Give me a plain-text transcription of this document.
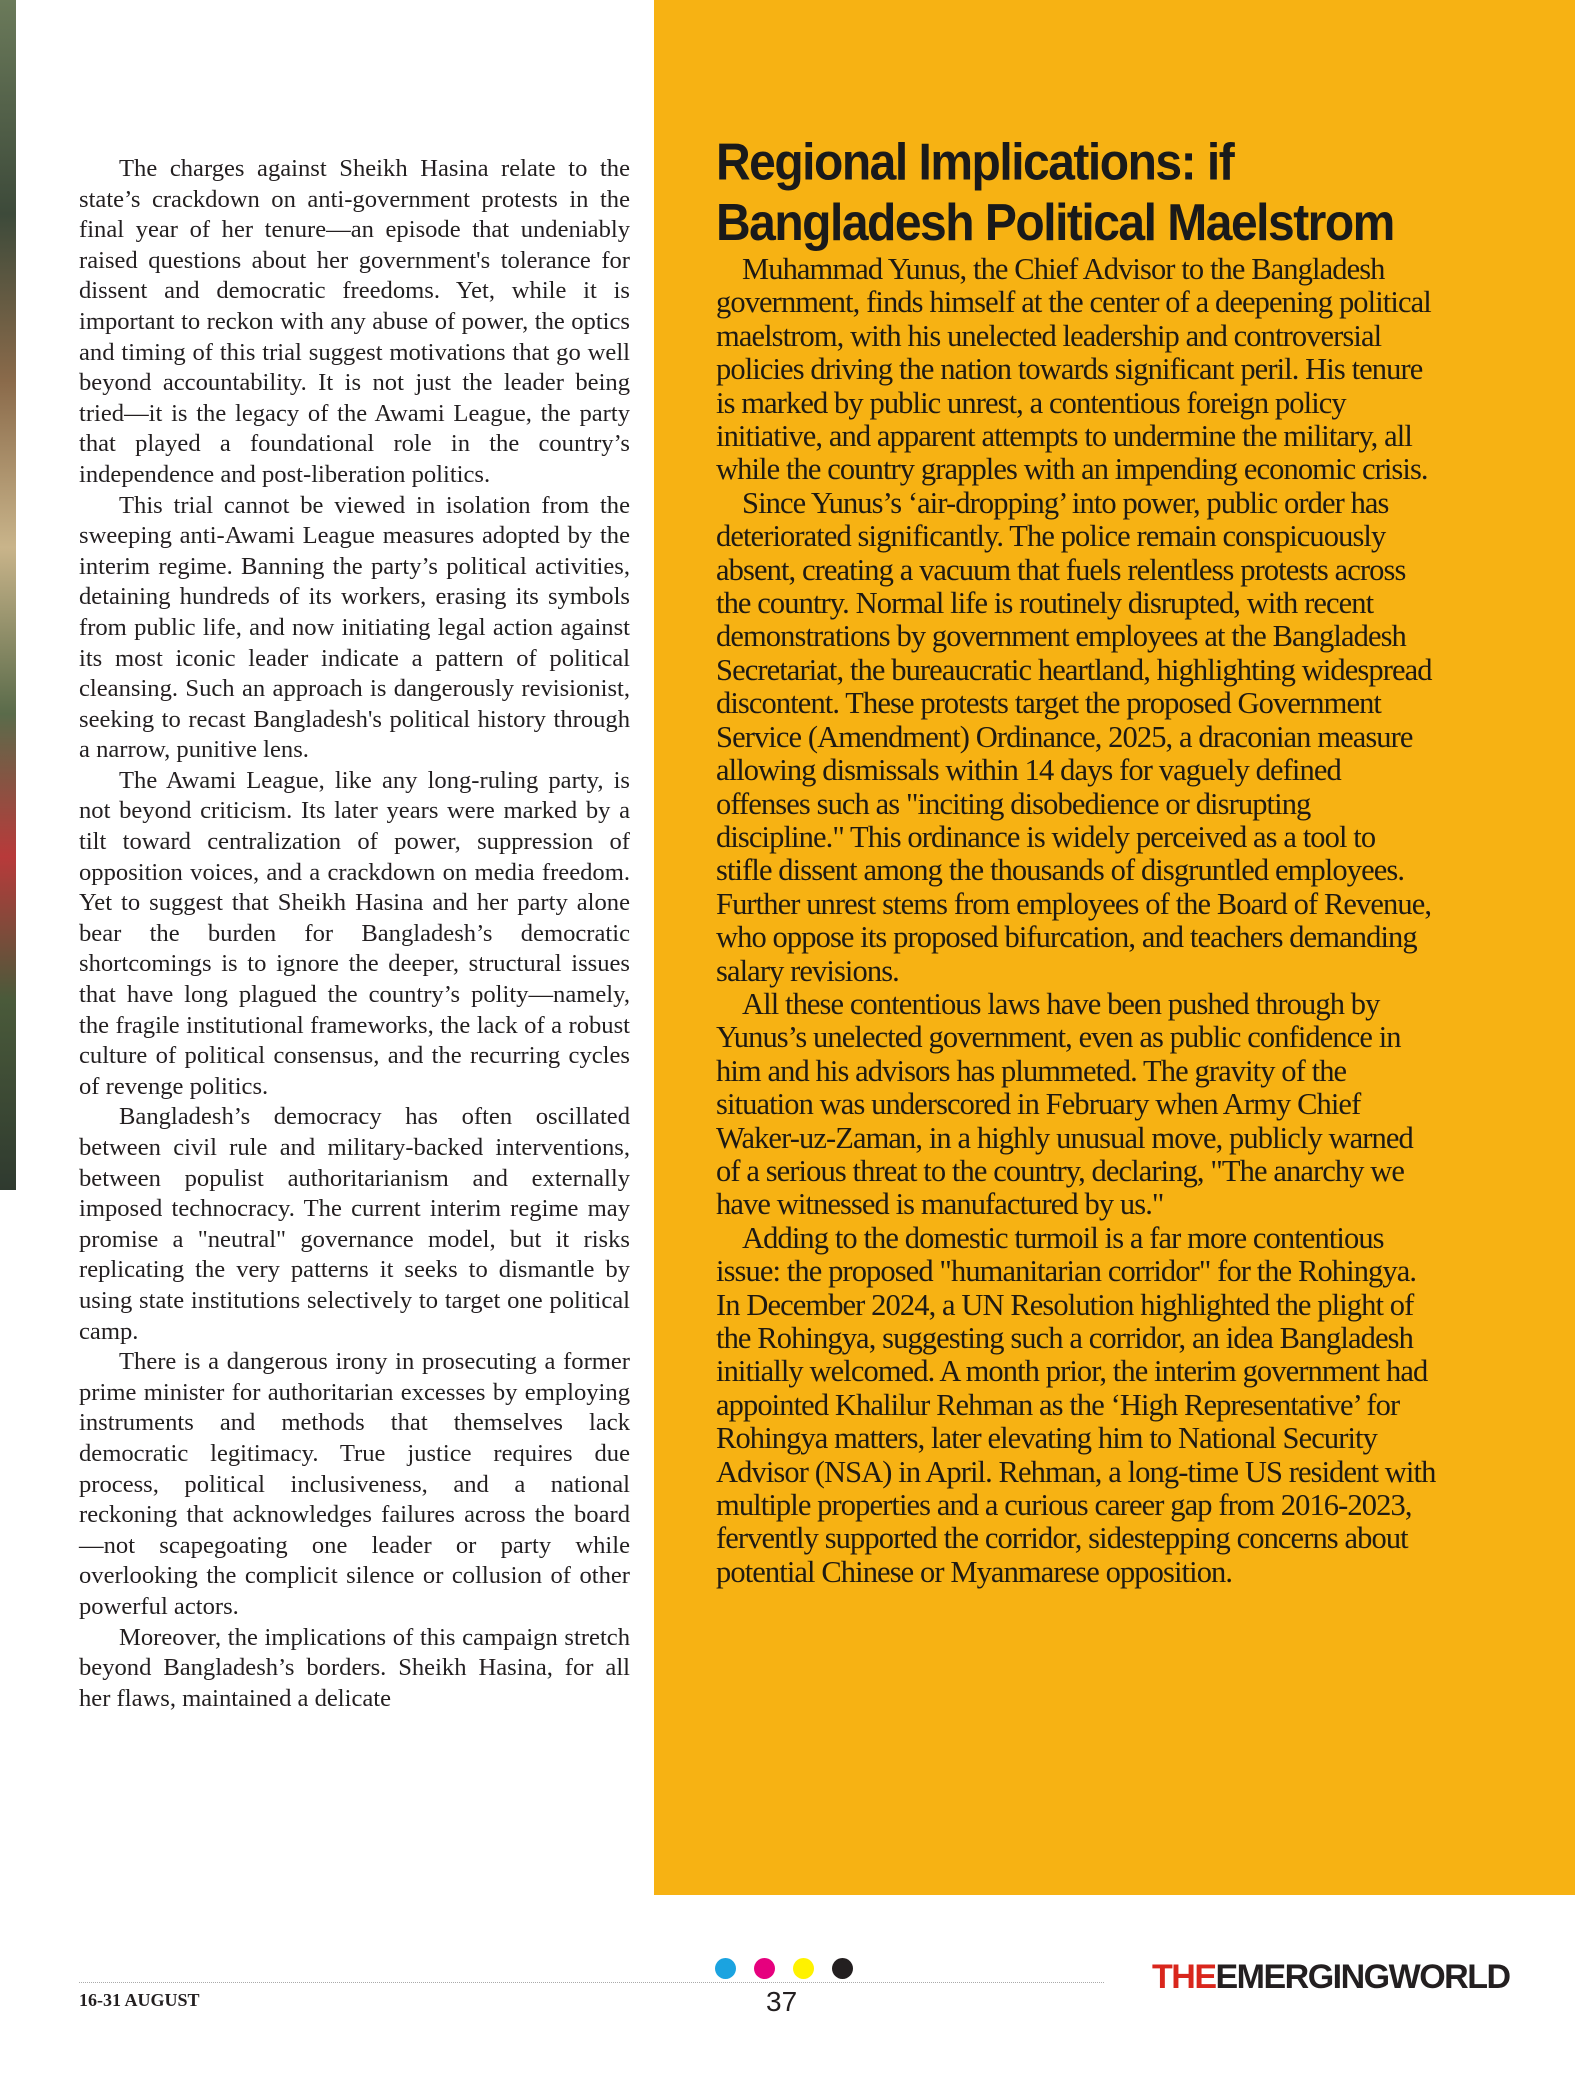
The charges against Sheikh Hasina relate to the state’s crackdown on anti-government protests in the final year of her tenure—an episode that undeniably raised questions about her government's tolerance for dissent and democratic freedoms. Yet, while it is important to reckon with any abuse of power, the optics and timing of this trial suggest motivations that go well beyond accountability. It is not just the leader being tried—it is the legacy of the Awami League, the party that played a foundational role in the country’s independence and post-liberation politics.

This trial cannot be viewed in isolation from the sweeping anti-Awami League measures adopted by the interim regime. Banning the party’s political activities, detaining hundreds of its workers, erasing its symbols from public life, and now initiating legal action against its most iconic leader indicate a pattern of political cleansing. Such an approach is dangerously revisionist, seeking to recast Bangladesh's political history through a narrow, punitive lens.

The Awami League, like any long-ruling party, is not beyond criticism. Its later years were marked by a tilt toward centralization of power, suppression of opposition voices, and a crackdown on media freedom. Yet to suggest that Sheikh Hasina and her party alone bear the burden for Bangladesh’s democratic shortcomings is to ignore the deeper, structural issues that have long plagued the country’s polity—namely, the fragile institutional frameworks, the lack of a robust culture of political consensus, and the recurring cycles of revenge politics.

Bangladesh’s democracy has often oscillated between civil rule and military-backed interventions, between populist authoritarianism and externally imposed technocracy. The current interim regime may promise a "neutral" governance model, but it risks replicating the very patterns it seeks to dismantle by using state institutions selectively to target one political camp.

There is a dangerous irony in prosecuting a former prime minister for authoritarian excesses by employing instruments and methods that themselves lack democratic legitimacy. True justice requires due process, political inclusiveness, and a national reckoning that acknowledges failures across the board—not scapegoating one leader or party while overlooking the complicit silence or collusion of other powerful actors.

Moreover, the implications of this campaign stretch beyond Bangladesh’s borders. Sheikh Hasina, for all her flaws, maintained a delicate

Regional Implications: if Bangladesh Political Maelstrom

Muhammad Yunus, the Chief Advisor to the Bangladesh government, finds himself at the center of a deepening political maelstrom, with his unelected leadership and controversial policies driving the nation towards significant peril. His tenure is marked by public unrest, a contentious foreign policy initiative, and apparent attempts to undermine the military, all while the country grapples with an impending economic crisis.

Since Yunus’s ‘air-dropping’ into power, public order has deteriorated significantly. The police remain conspicuously absent, creating a vacuum that fuels relentless protests across the country. Normal life is routinely disrupted, with recent demonstrations by government employees at the Bangladesh Secretariat, the bureaucratic heartland, highlighting widespread discontent. These protests target the proposed Government Service (Amendment) Ordinance, 2025, a draconian measure allowing dismissals within 14 days for vaguely defined offenses such as "inciting disobedience or disrupting discipline." This ordinance is widely perceived as a tool to stifle dissent among the thousands of disgruntled employees. Further unrest stems from employees of the Board of Revenue, who oppose its proposed bifurcation, and teachers demanding salary revisions.

All these contentious laws have been pushed through by Yunus’s unelected government, even as public confidence in him and his advisors has plummeted. The gravity of the situation was underscored in February when Army Chief Waker-uz-Zaman, in a highly unusual move, publicly warned of a serious threat to the country, declaring, "The anarchy we have witnessed is manufactured by us."

Adding to the domestic turmoil is a far more contentious issue: the proposed "humanitarian corridor" for the Rohingya. In December 2024, a UN Resolution highlighted the plight of the Rohingya, suggesting such a corridor, an idea Bangladesh initially welcomed. A month prior, the interim government had appointed Khalilur Rehman as the ‘High Representative’ for Rohingya matters, later elevating him to National Security Advisor (NSA) in April. Rehman, a long-time US resident with multiple properties and a curious career gap from 2016-2023, fervently supported the corridor, sidestepping concerns about potential Chinese or Myanmarese opposition.

16-31 AUGUST	37
THEEMERGINGWORLD
